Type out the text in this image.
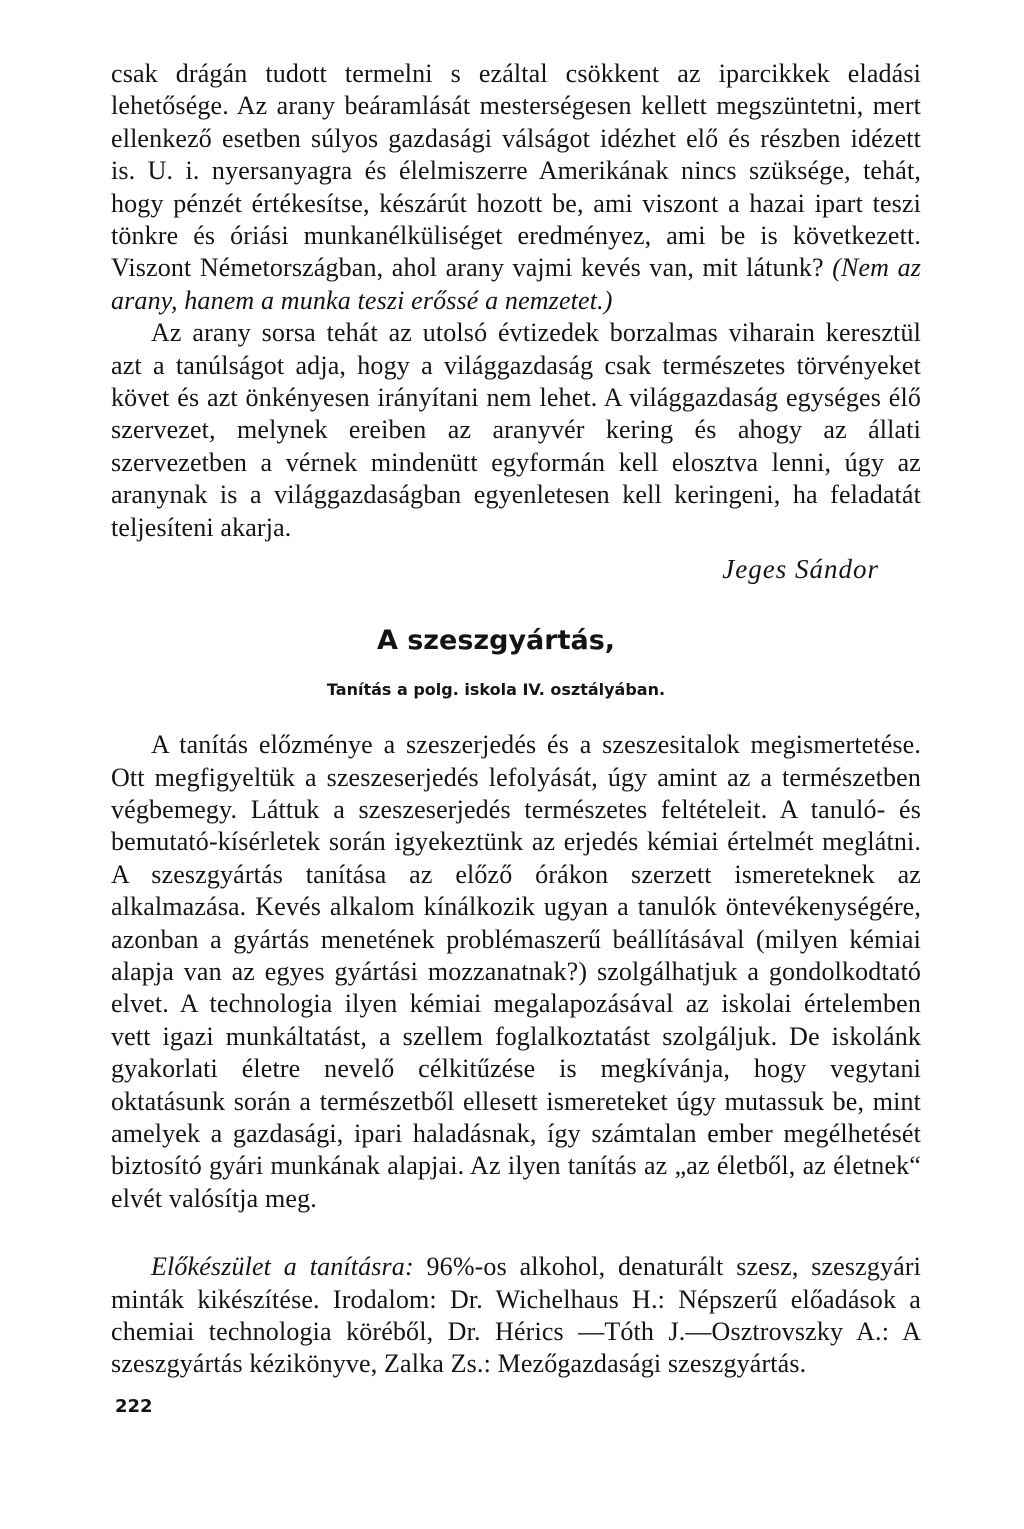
csak drágán tudott termelni s ezáltal csökkent az iparcikkek eladási lehetősége. Az arany beáramlását mesterségesen kellett megszüntetni, mert ellenkező esetben súlyos gazdasági válságot idézhet elő és részben idézett is. U. i. nyersanyagra és élelmiszerre Amerikának nincs szüksége, tehát, hogy pénzét értékesítse, készárút hozott be, ami viszont a hazai ipart teszi tönkre és óriási munkanélküliséget eredményez, ami be is következett. Viszont Németországban, ahol arany vajmi kevés van, mit látunk? (Nem az arany, hanem a munka teszi erőssé a nemzetet.)

Az arany sorsa tehát az utolsó évtizedek borzalmas viharain keresztül azt a tanúlságot adja, hogy a világgazdaság csak természetes törvényeket követ és azt önkényesen irányítani nem lehet. A világgazdaság egységes élő szervezet, melynek ereiben az aranyvér kering és ahogy az állati szervezetben a vérnek mindenütt egyformán kell elosztva lenni, úgy az aranynak is a világgazdaságban egyenletesen kell keringeni, ha feladatát teljesíteni akarja.

Jeges Sándor

A szeszgyártás,
Tanítás a polg. iskola IV. osztályában.

A tanítás előzménye a szeszerjedés és a szeszesitalok megismertetése. Ott megfigyeltük a szeszeserjedés lefolyását, úgy amint az a természetben végbemegy. Láttuk a szeszeserjedés természetes feltételeit. A tanuló- és bemutató-kísérletek során igyekeztünk az erjedés kémiai értelmét meglátni. A szeszgyártás tanítása az előző órákon szerzett ismereteknek az alkalmazása. Kevés alkalom kínálkozik ugyan a tanulók öntevékenységére, azonban a gyártás menetének problémaszerű beállításával (milyen kémiai alapja van az egyes gyártási mozzanatnak?) szolgálhatjuk a gondolkodtató elvet. A technologia ilyen kémiai megalapozásával az iskolai értelemben vett igazi munkáltatást, a szellem foglalkoztatást szolgáljuk. De iskolánk gyakorlati életre nevelő célkitűzése is megkívánja, hogy vegytani oktatásunk során a természetből ellesett ismereteket úgy mutassuk be, mint amelyek a gazdasági, ipari haladásnak, így számtalan ember megélhetését biztosító gyári munkának alapjai. Az ilyen tanítás az „az életből, az életnek“ elvét valósítja meg.

Előkészület a tanításra: 96%-os alkohol, denaturált szesz, szeszgyári minták kikészítése. Irodalom: Dr. Wichelhaus H.: Népszerű előadások a chemiai technologia köréből, Dr. Hérics —Tóth J.—Osztrovszky A.: A szeszgyártás kézikönyve, Zalka Zs.: Mezőgazdasági szeszgyártás.

222
